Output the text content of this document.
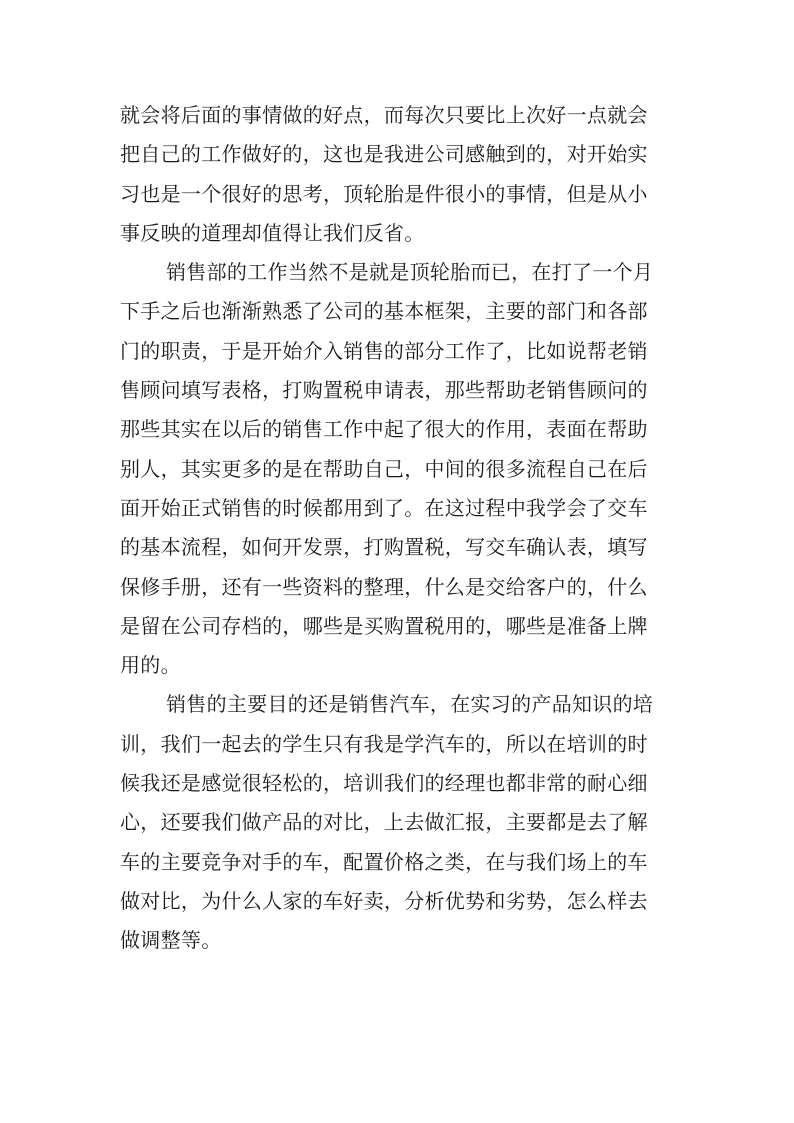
就会将后面的事情做的好点，而每次只要比上次好一点就会
把自己的工作做好的，这也是我进公司感触到的，对开始实
习也是一个很好的思考，顶轮胎是件很小的事情，但是从小
事反映的道理却值得让我们反省。
销售部的工作当然不是就是顶轮胎而已，在打了一个月
下手之后也渐渐熟悉了公司的基本框架，主要的部门和各部
门的职责，于是开始介入销售的部分工作了，比如说帮老销
售顾问填写表格，打购置税申请表，那些帮助老销售顾问的
那些其实在以后的销售工作中起了很大的作用，表面在帮助
别人，其实更多的是在帮助自己，中间的很多流程自己在后
面开始正式销售的时候都用到了。在这过程中我学会了交车
的基本流程，如何开发票，打购置税，写交车确认表，填写
保修手册，还有一些资料的整理，什么是交给客户的，什么
是留在公司存档的，哪些是买购置税用的，哪些是准备上牌
用的。
销售的主要目的还是销售汽车，在实习的产品知识的培
训，我们一起去的学生只有我是学汽车的，所以在培训的时
候我还是感觉很轻松的，培训我们的经理也都非常的耐心细
心，还要我们做产品的对比，上去做汇报，主要都是去了解
车的主要竞争对手的车，配置价格之类，在与我们场上的车
做对比，为什么人家的车好卖，分析优势和劣势，怎么样去
做调整等。
